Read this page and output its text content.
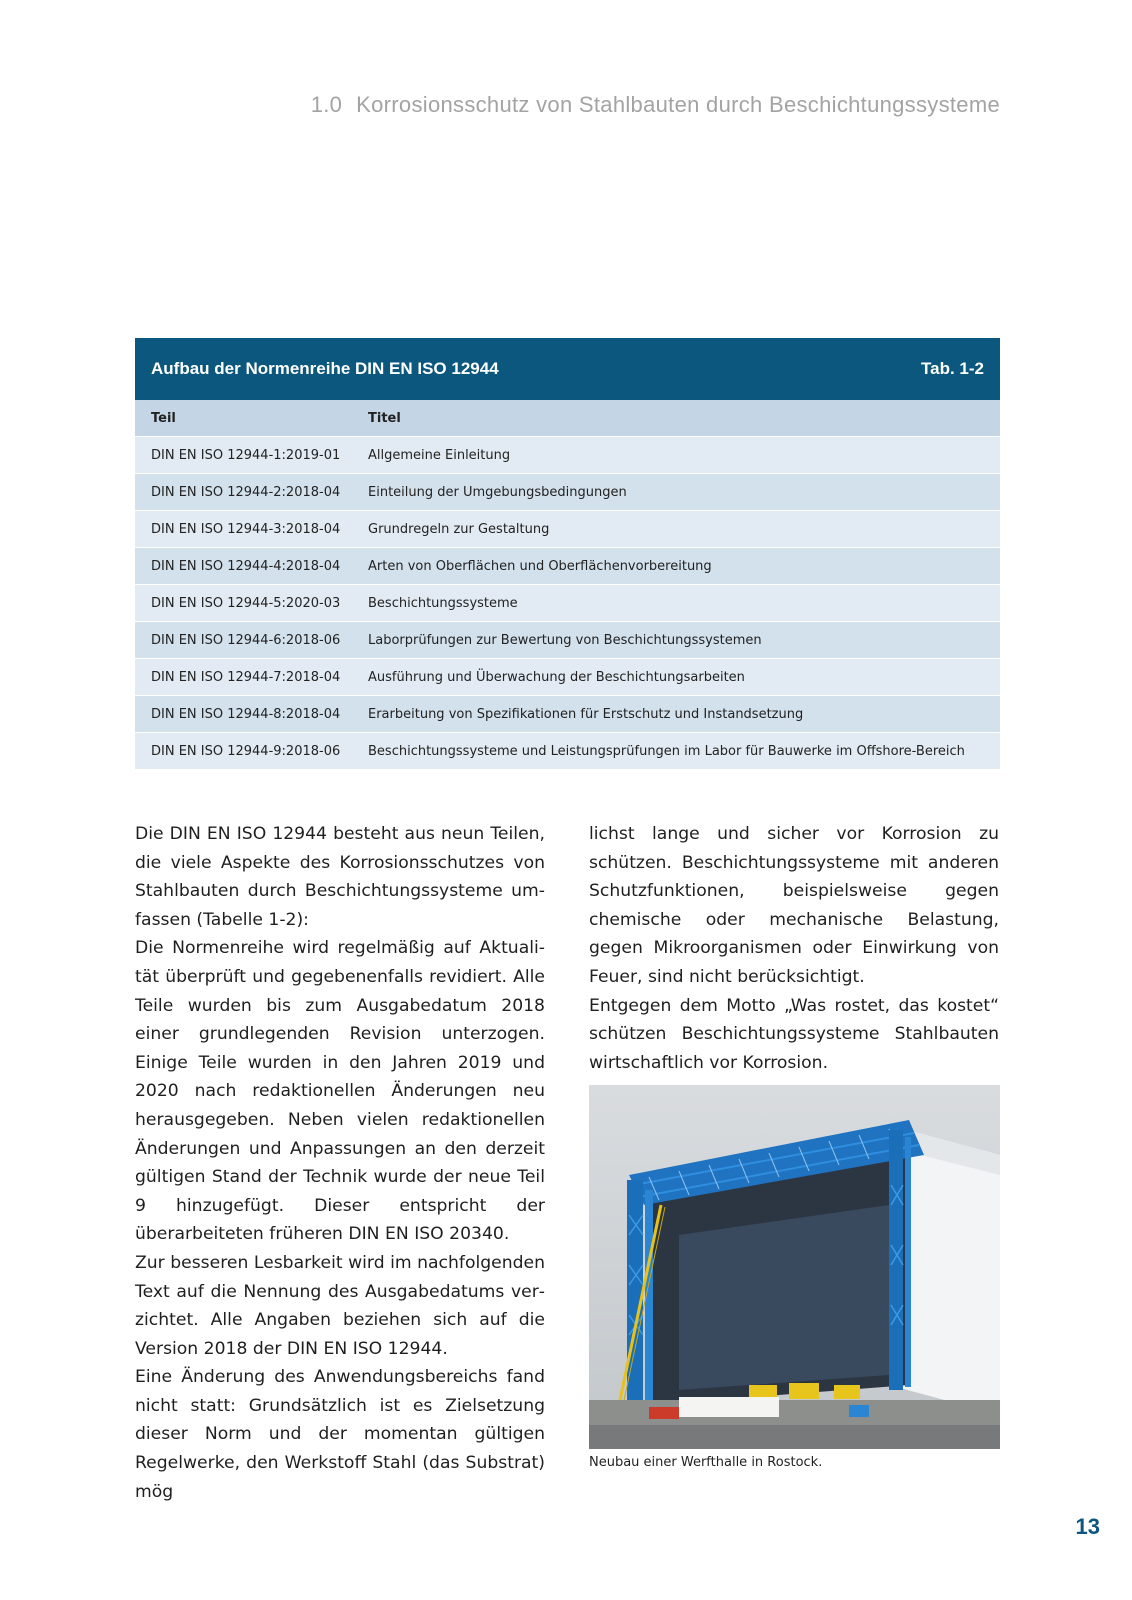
1.0 Korrosionsschutz von Stahlbauten durch Beschichtungssysteme
Aufbau der Normenreihe DIN EN ISO 12944	Tab. 1-2
Teil	Titel
DIN EN ISO 12944-1:2019-01	Allgemeine Einleitung
DIN EN ISO 12944-2:2018-04	Einteilung der Umgebungsbedingungen
DIN EN ISO 12944-3:2018-04	Grundregeln zur Gestaltung
DIN EN ISO 12944-4:2018-04	Arten von Oberflächen und Oberflächenvorbereitung
DIN EN ISO 12944-5:2020-03	Beschichtungssysteme
DIN EN ISO 12944-6:2018-06	Laborprüfungen zur Bewertung von Beschichtungssystemen
DIN EN ISO 12944-7:2018-04	Ausführung und Überwachung der Beschichtungsarbeiten
DIN EN ISO 12944-8:2018-04	Erarbeitung von Spezifikationen für Erstschutz und Instandsetzung
DIN EN ISO 12944-9:2018-06	Beschichtungssysteme und Leistungsprüfungen im Labor für Bauwerke im Offshore-Bereich

Die DIN EN ISO 12944 besteht aus neun Teilen, die viele Aspekte des Korrosionsschutzes von Stahlbauten durch Beschichtungssysteme umfassen (Tabelle 1-2):

Die Normenreihe wird regelmäßig auf Aktualität überprüft und gegebenenfalls revidiert. Alle Teile wurden bis zum Ausgabedatum 2018 einer grundlegenden Revision unterzogen. Einige Teile wurden in den Jahren 2019 und 2020 nach redaktionellen Änderungen neu herausgegeben. Neben vielen redaktionellen Änderungen und Anpassungen an den derzeit gültigen Stand der Technik wurde der neue Teil 9 hinzugefügt. Dieser entspricht der überarbeiteten früheren DIN EN ISO 20340.

Zur besseren Lesbarkeit wird im nachfolgenden Text auf die Nennung des Ausgabedatums verzichtet. Alle Angaben beziehen sich auf die Version 2018 der DIN EN ISO 12944.

Eine Änderung des Anwendungsbereichs fand nicht statt: Grundsätzlich ist es Zielsetzung dieser Norm und der momentan gültigen Regelwerke, den Werkstoff Stahl (das Substrat) mög

lichst lange und sicher vor Korrosion zu schützen. Beschichtungssysteme mit anderen Schutzfunktionen, beispielsweise gegen chemische oder mechanische Belastung, gegen Mikroorganismen oder Einwirkung von Feuer, sind nicht berücksichtigt.

Entgegen dem Motto „Was rostet, das kostet“ schützen Beschichtungssysteme Stahlbauten wirtschaftlich vor Korrosion.

Neubau einer Werfthalle in Rostock.
13
